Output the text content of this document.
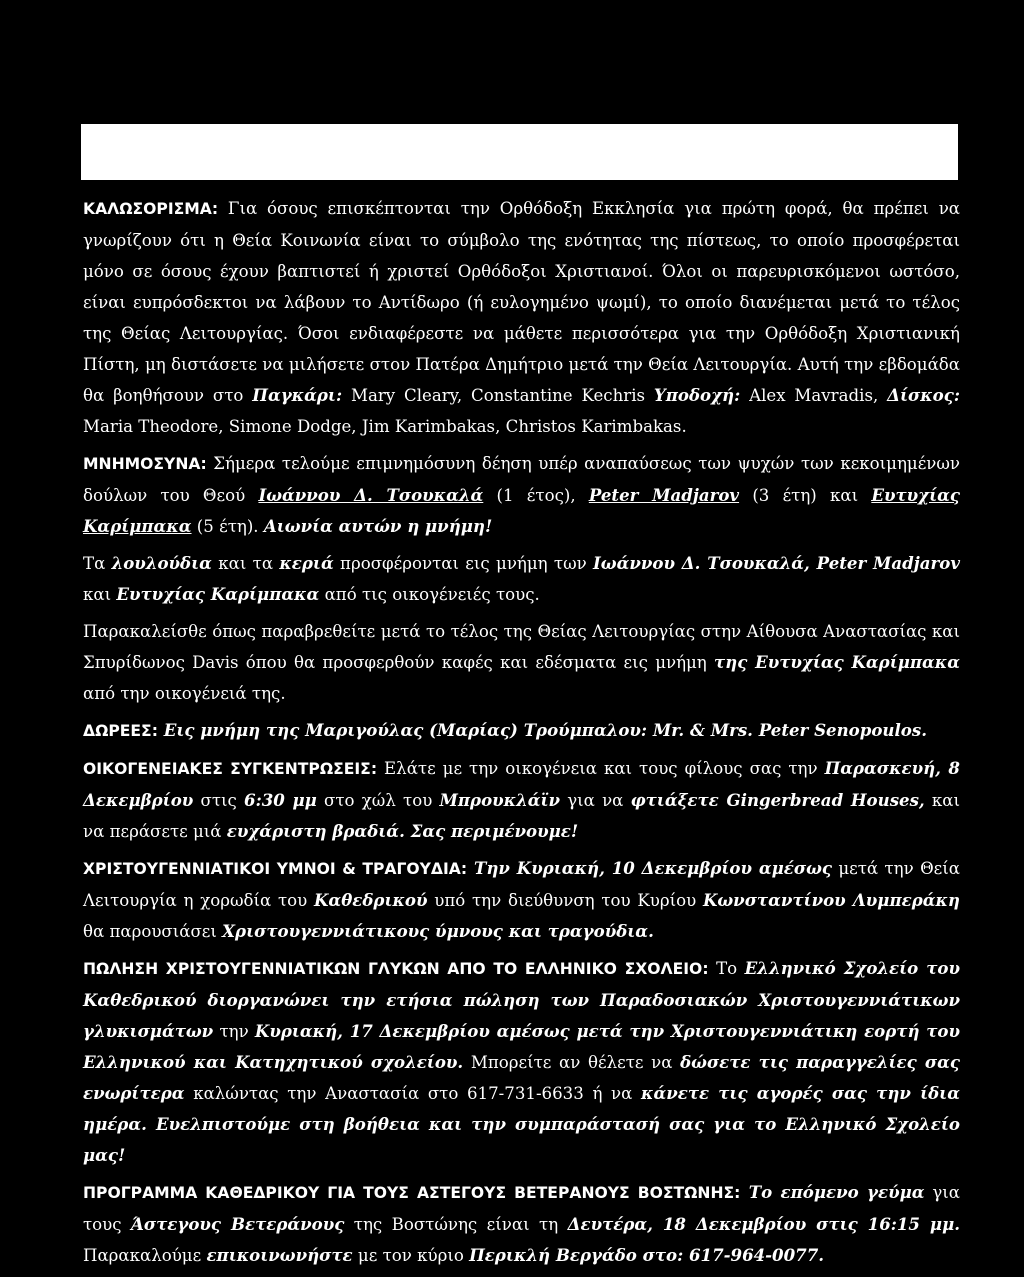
ΚΑΛΩΣΟΡΙΣΜΑ: Για όσους επισκέπτονται την Ορθόδοξη Εκκλησία για πρώτη φορά, θα πρέπει να γνωρίζουν ότι η Θεία Κοινωνία είναι το σύμβολο της ενότητας της πίστεως, το οποίο προσφέρεται μόνο σε όσους έχουν βαπτιστεί ή χριστεί Ορθόδοξοι Χριστιανοί. Όλοι οι παρευρισκόμενοι ωστόσο, είναι ευπρόσδεκτοι να λάβουν το Αντίδωρο (ή ευλογημένο ψωμί), το οποίο διανέμεται μετά το τέλος της Θείας Λειτουργίας. Όσοι ενδιαφέρεστε να μάθετε περισσότερα για την Ορθόδοξη Χριστιανική Πίστη, μη διστάσετε να μιλήσετε στον Πατέρα Δημήτριο μετά την Θεία Λειτουργία. Αυτή την εβδομάδα θα βοηθήσουν στο Παγκάρι: Mary Cleary, Constantine Kechris Υποδοχή: Alex Mavradis, Δίσκος: Maria Theodore, Simone Dodge, Jim Karimbakas, Christos Karimbakas.

ΜΝΗΜΟΣΥΝΑ: Σήμερα τελούμε επιμνημόσυνη δέηση υπέρ αναπαύσεως των ψυχών των κεκοιμημένων δούλων του Θεού Ιωάννου Δ. Τσουκαλά (1 έτος), Peter Madjarov (3 έτη) και Ευτυχίας Καρίμπακα (5 έτη). Αιωνία αυτών η μνήμη!

Τα λουλούδια και τα κεριά προσφέρονται εις μνήμη των Ιωάννου Δ. Τσουκαλά, Peter Madjarov και Ευτυχίας Καρίμπακα από τις οικογένειές τους.

Παρακαλείσθε όπως παραβρεθείτε μετά το τέλος της Θείας Λειτουργίας στην Αίθουσα Αναστασίας και Σπυρίδωνος Davis όπου θα προσφερθούν καφές και εδέσματα εις μνήμη της Ευτυχίας Καρίμπακα από την οικογένειά της.

ΔΩΡΕΕΣ: Εις μνήμη της Μαριγούλας (Μαρίας) Τρούμπαλου: Mr. & Mrs. Peter Senopoulos.

ΟΙΚΟΓΕΝΕΙΑΚΕΣ ΣΥΓΚΕΝΤΡΩΣΕΙΣ: Ελάτε με την οικογένεια και τους φίλους σας την Παρασκευή, 8 Δεκεμβρίου στις 6:30 μμ στο χώλ του Μπρουκλάϊν για να φτιάξετε Gingerbread Houses, και να περάσετε μιά ευχάριστη βραδιά. Σας περιμένουμε!

ΧΡΙΣΤΟΥΓΕΝΝΙΑΤΙΚΟΙ ΥΜΝΟΙ & ΤΡΑΓΟΥΔΙΑ: Την Κυριακή, 10 Δεκεμβρίου αμέσως μετά την Θεία Λειτουργία η χορωδία του Καθεδρικού υπό την διεύθυνση του Κυρίου Κωνσταντίνου Λυμπεράκη θα παρουσιάσει Χριστουγεννιάτικους ύμνους και τραγούδια.

ΠΩΛΗΣΗ ΧΡΙΣΤΟΥΓΕΝΝΙΑΤΙΚΩΝ ΓΛΥΚΩΝ ΑΠΟ ΤΟ ΕΛΛΗΝΙΚΟ ΣΧΟΛΕΙΟ: Το Ελληνικό Σχολείο του Καθεδρικού διοργανώνει την ετήσια πώληση των Παραδοσιακών Χριστουγεννιάτικων γλυκισμάτων την Κυριακή, 17 Δεκεμβρίου αμέσως μετά την Χριστουγεννιάτικη εορτή του Ελληνικού και Κατηχητικού σχολείου. Μπορείτε αν θέλετε να δώσετε τις παραγγελίες σας ενωρίτερα καλώντας την Αναστασία στο 617-731-6633 ή να κάνετε τις αγορές σας την ίδια ημέρα. Ευελπιστούμε στη βοήθεια και την συμπαράστασή σας για το Ελληνικό Σχολείο μας!

ΠΡΟΓΡΑΜΜΑ ΚΑΘΕΔΡΙΚΟΥ ΓΙΑ ΤΟΥΣ ΑΣΤΕΓΟΥΣ ΒΕΤΕΡΑΝΟΥΣ ΒΟΣΤΩΝΗΣ: Το επόμενο γεύμα για τους Άστεγους Βετεράνους της Βοστώνης είναι τη Δευτέρα, 18 Δεκεμβρίου στις 16:15 μμ. Παρακαλούμε επικοινωνήστε με τον κύριο Περικλή Βεργάδο στο: 617-964-0077.
